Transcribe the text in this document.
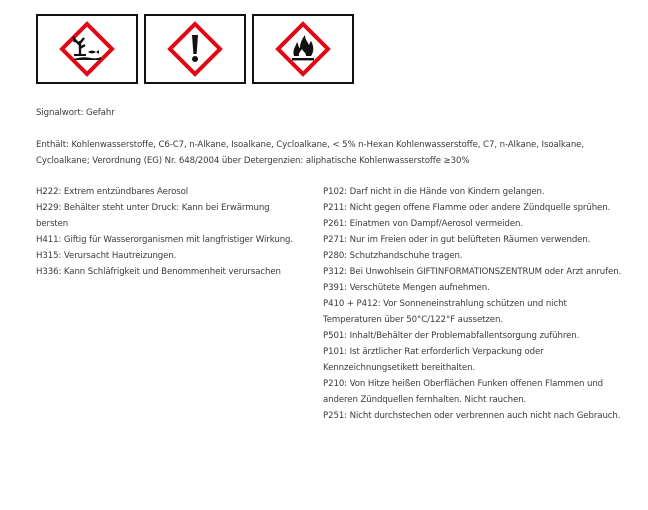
Signalwort: Gefahr
Enthält: Kohlenwasserstoffe, C6-C7, n-Alkane, Isoalkane, Cycloalkane, < 5% n-Hexan Kohlenwasserstoffe, C7, n-Alkane, Isoalkane, Cycloalkane; Verordnung (EG) Nr. 648/2004 über Detergenzien: aliphatische Kohlenwasserstoffe ≥30%
H222: Extrem entzündbares Aerosol
H229: Behälter steht unter Druck: Kann bei Erwärmung bersten
H411: Giftig für Wasserorganismen mit langfristiger Wirkung.
H315: Verursacht Hautreizungen.
H336: Kann Schläfrigkeit und Benommenheit verursachen
P102: Darf nicht in die Hände von Kindern gelangen.
P211: Nicht gegen offene Flamme oder andere Zündquelle sprühen.
P261: Einatmen von Dampf/Aerosol vermeiden.
P271: Nur im Freien oder in gut belüfteten Räumen verwenden.
P280: Schutzhandschuhe tragen.
P312: Bei Unwohlsein GIFTINFORMATIONSZENTRUM oder Arzt anrufen.
P391: Verschütete Mengen aufnehmen.
P410 + P412: Vor Sonneneinstrahlung schützen und nicht Temperaturen über 50°C/122°F aussetzen.
P501: Inhalt/Behälter der Problemabfallentsorgung zuführen.
P101: Ist ärztlicher Rat erforderlich Verpackung oder Kennzeichnungsetikett bereithalten.
P210: Von Hitze heißen Oberflächen Funken offenen Flammen und anderen Zündquellen fernhalten. Nicht rauchen.
P251: Nicht durchstechen oder verbrennen auch nicht nach Gebrauch.
